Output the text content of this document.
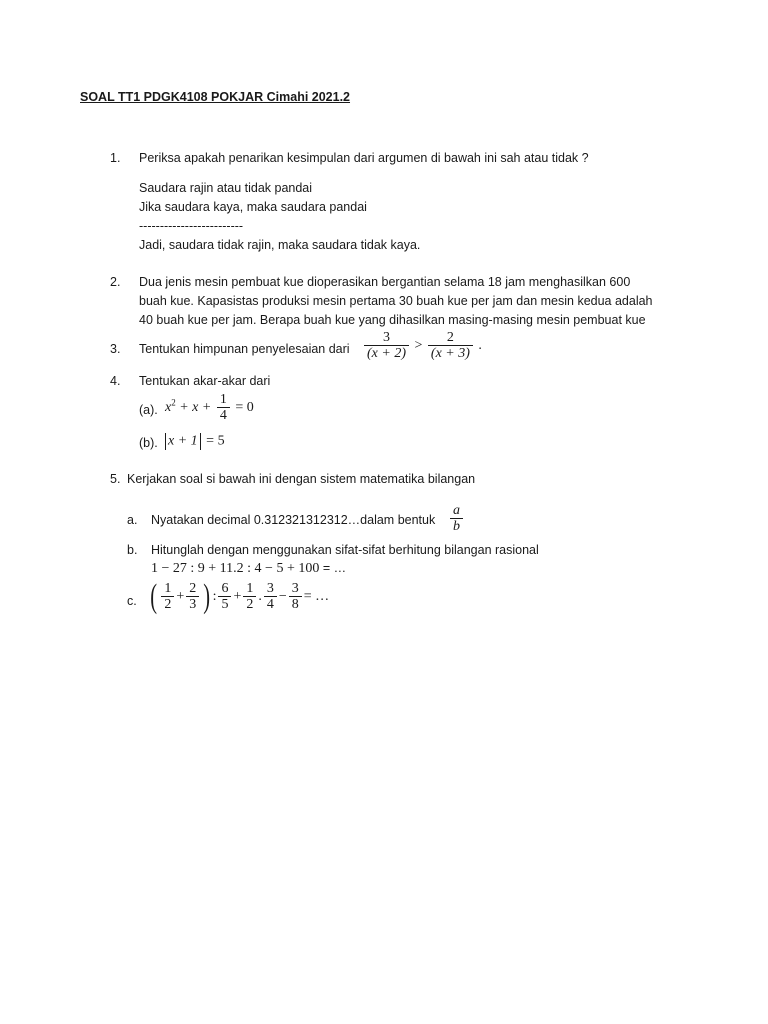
SOAL TT1 PDGK4108 POKJAR Cimahi 2021.2
1. Periksa apakah penarikan kesimpulan dari argumen di bawah ini sah atau tidak ?
Saudara rajin atau tidak pandai
Jika saudara kaya, maka saudara pandai
-------------------------
Jadi, saudara tidak rajin, maka saudara tidak kaya.
2. Dua jenis mesin pembuat kue dioperasikan bergantian selama 18 jam menghasilkan 600
buah kue. Kapasistas produksi mesin pertama 30 buah kue per jam dan mesin kedua adalah
40 buah kue per jam. Berapa buah kue yang dihasilkan masing-masing mesin pembuat kue
3. Tentukan himpunan penyelesaian dari $\frac{3}{(x + 2)} > \frac{2}{(x + 3)}$ .
4. Tentukan akar-akar dari
(a). $x^2 + x + \frac{1}{4} = 0$
(b). x + 1 = 5
5. Kerjakan soal si bawah ini dengan sistem matematika bilangan
a. Nyatakan decimal 0.312321312312…dalam bentuk $\frac{a}{b}$
b. Hitunglah dengan menggunakan sifat-sifat berhitung bilangan rasional
1 − 27 : 9 + 11.2 : 4 − 5 + 100 = …
c. ( $\frac{1}{2} + \frac{2}{3}$ ) : $\frac{6}{5} + \frac{1}{2}$ . $\frac{3}{4} - \frac{3}{8}$ = …
